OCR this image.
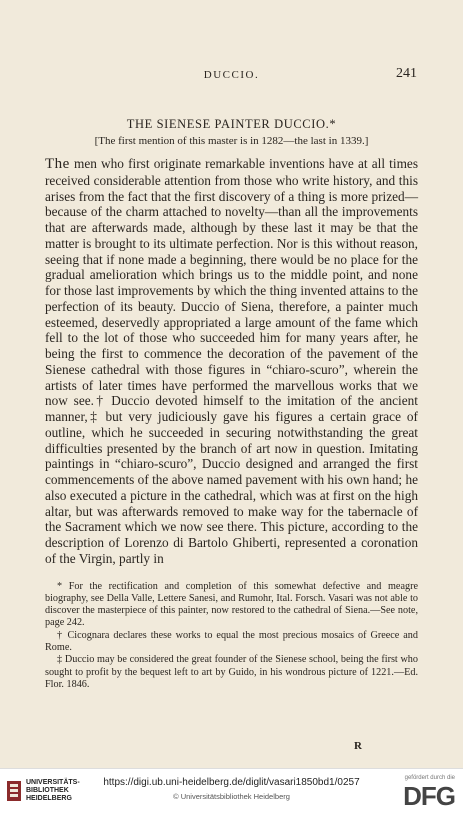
DUCCIO.	241

THE SIENESE PAINTER DUCCIO.*

[The first mention of this master is in 1282—the last in 1339.]

The men who first originate remarkable inventions have at all times received considerable attention from those who write history, and this arises from the fact that the first discovery of a thing is more prized—because of the charm attached to novelty—than all the improvements that are afterwards made, although by these last it may be that the matter is brought to its ultimate perfection. Nor is this without reason, seeing that if none made a beginning, there would be no place for the gradual amelioration which brings us to the middle point, and none for those last improvements by which the thing invented attains to the perfection of its beauty. Duccio of Siena, therefore, a painter much esteemed, deservedly appropriated a large amount of the fame which fell to the lot of those who succeeded him for many years after, he being the first to commence the decoration of the pavement of the Sienese cathedral with those figures in “chiaro-scuro”, wherein the artists of later times have performed the marvellous works that we now see.† Duccio devoted himself to the imitation of the ancient manner,‡ but very judiciously gave his figures a certain grace of outline, which he succeeded in securing notwithstanding the great difficulties presented by the branch of art now in question. Imitating paintings in “chiaro-scuro”, Duccio designed and arranged the first commencements of the above named pavement with his own hand; he also executed a picture in the cathedral, which was at first on the high altar, but was afterwards removed to make way for the tabernacle of the Sacrament which we now see there. This picture, according to the description of Lorenzo di Bartolo Ghiberti, represented a coronation of the Virgin, partly in

* For the rectification and completion of this somewhat defective and meagre biography, see Della Valle, Lettere Sanesi, and Rumohr, Ital. Forsch. Vasari was not able to discover the masterpiece of this painter, now restored to the cathedral of Siena.—See note, page 242.

† Cicognara declares these works to equal the most precious mosaics of Greece and Rome.

‡ Duccio may be considered the great founder of the Sienese school, being the first who sought to profit by the bequest left to art by Guido, in his wondrous picture of 1221.—Ed. Flor. 1846.

R
UNIVERSITÄTS-
BIBLIOTHEK
HEIDELBERG
https://digi.ub.uni-heidelberg.de/diglit/vasari1850bd1/0257
© Universitätsbibliothek Heidelberg
gefördert durch die
DFG
